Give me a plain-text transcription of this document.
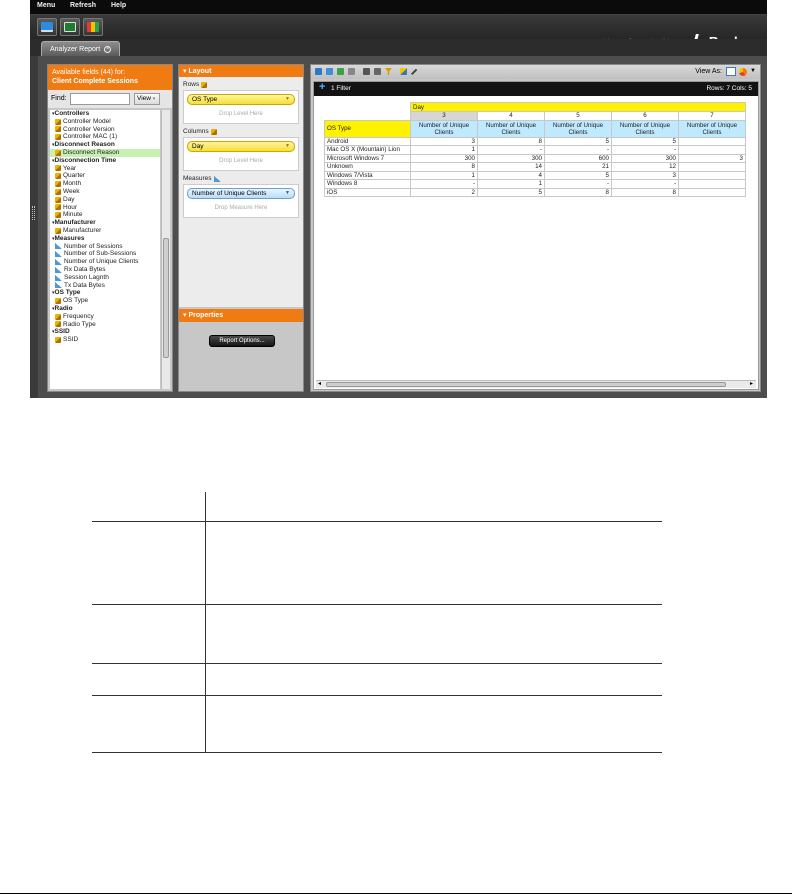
Menu Refresh Help
Analyzer Report	×
Available fields (44) for:
Client Complete Sessions
Find:	View ▾
▾ Controllers
Controller Model
Controller Version
Controller MAC (1)
▾ Disconnect Reason
Disconnect Reason
▾ Disconnection Time
Year
Quarter
Month
Week
Day
Hour
Minute
▾ Manufacturer
Manufacturer
▾ Measures
Number of Sessions
Number of Sub-Sessions
Number of Unique Clients
Rx Data Bytes
Session Lagnth
Tx Data Bytes
▾ OS Type
OS Type
▾ Radio
Frequency
Radio Type
▾ SSID
SSID
▾ Layout
Rows
OS Type	▼
Drop Level Here
Columns
Day	▼
Drop Level Here
Measures
Number of Unique Clients	▼
Drop Measure Here
▾ Properties
Report Options...
View As:	▼
+ 1 Filter	Rows: 7 Cols: 5
	Day				
	3	4	5	6	7
OS Type	Number of Unique Clients	Number of Unique Clients	Number of Unique Clients	Number of Unique Clients	Number of Unique Clients
Android	3	8	5	5	
Mac OS X (Mountain) Lion	1	-	-	-	
Microsoft Windows 7	300	300	600	300	3
Unknown	8	14	21	12	
Windows 7/Vista	1	4	5	3	
Windows 8	-	1	-	-	
iOS	2	5	8	8	
◂	▸
